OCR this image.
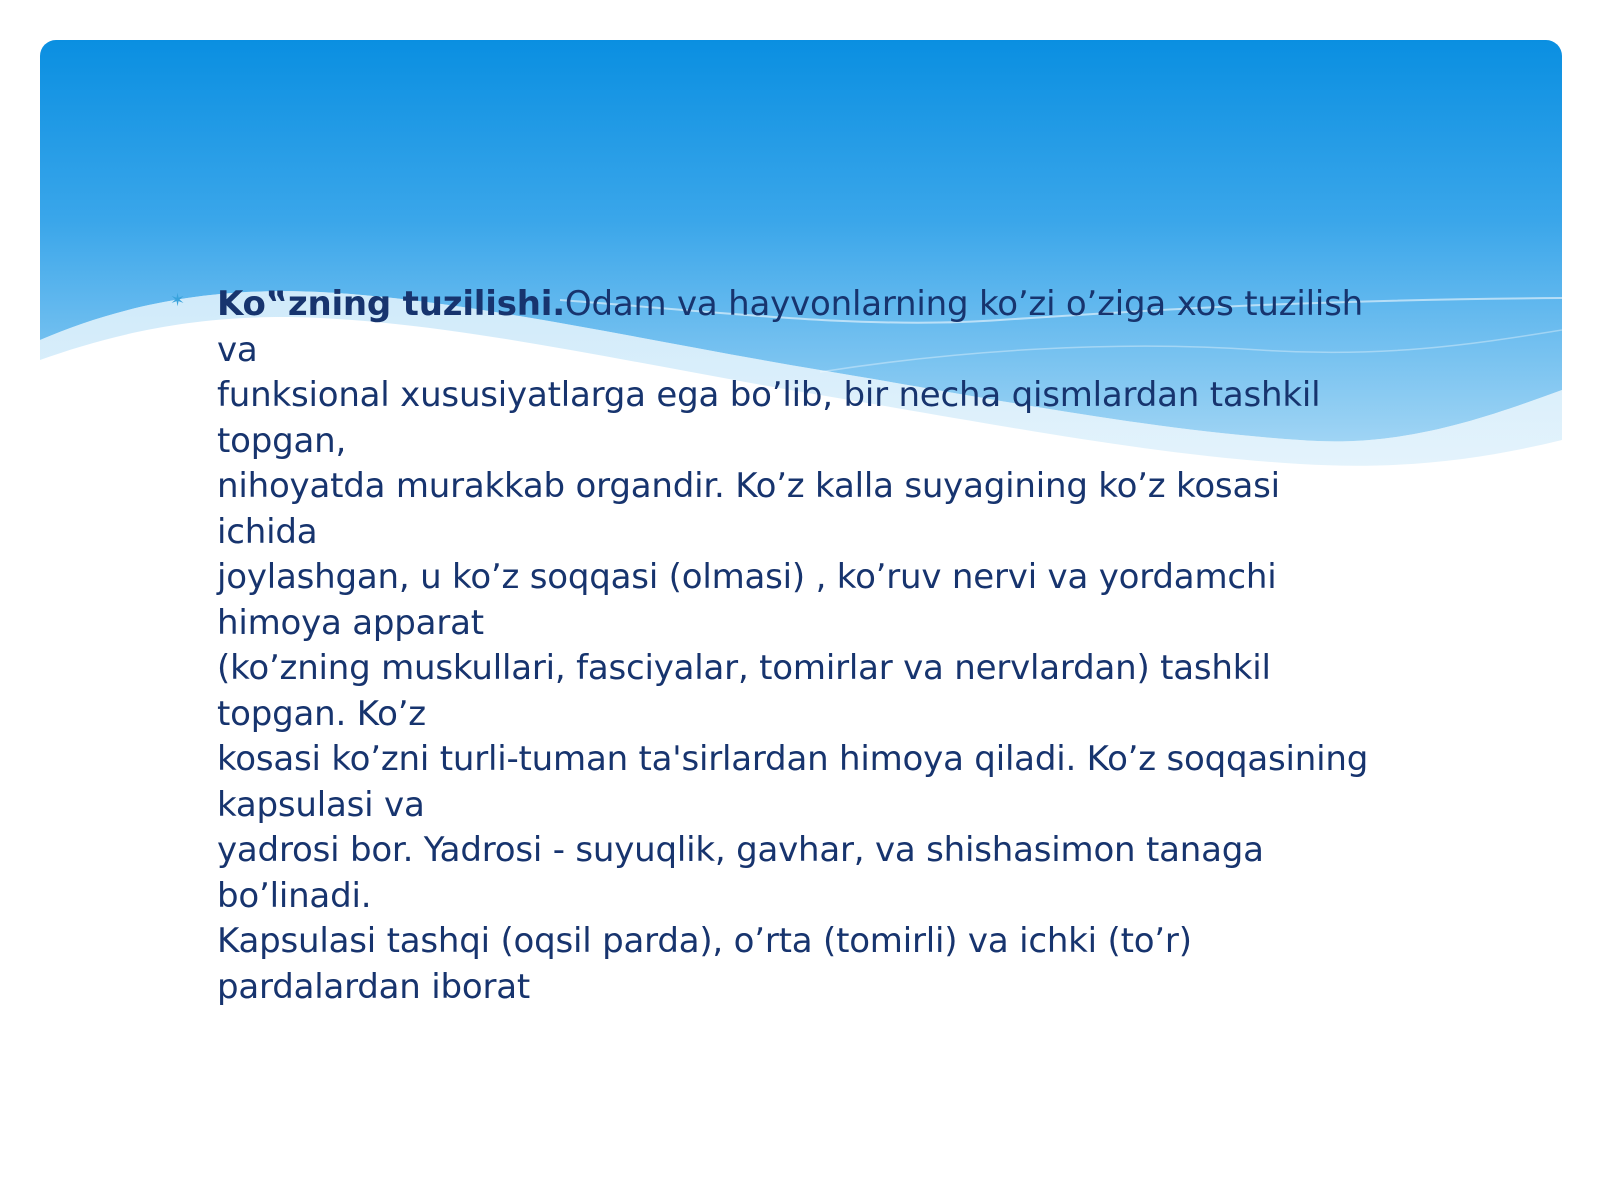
✶ Ko‟zning tuzilishi.Odam va hayvonlarning ko’zi o’ziga xos tuzilish
va
funksional xususiyatlarga ega bo’lib, bir necha qismlardan tashkil
topgan,
nihoyatda murakkab organdir. Ko’z kalla suyagining ko’z kosasi
ichida
joylashgan, u ko’z soqqasi (olmasi) , ko’ruv nervi va yordamchi
himoya apparat
(ko’zning muskullari, fasciyalar, tomirlar va nervlardan) tashkil
topgan. Ko’z
kosasi ko’zni turli-tuman ta'sirlardan himoya qiladi. Ko’z soqqasining
kapsulasi va
yadrosi bor. Yadrosi - suyuqlik, gavhar, va shishasimon tanaga
bo’linadi.
Kapsulasi tashqi (oqsil parda), o’rta (tomirli) va ichki (to’r)
pardalardan iborat
